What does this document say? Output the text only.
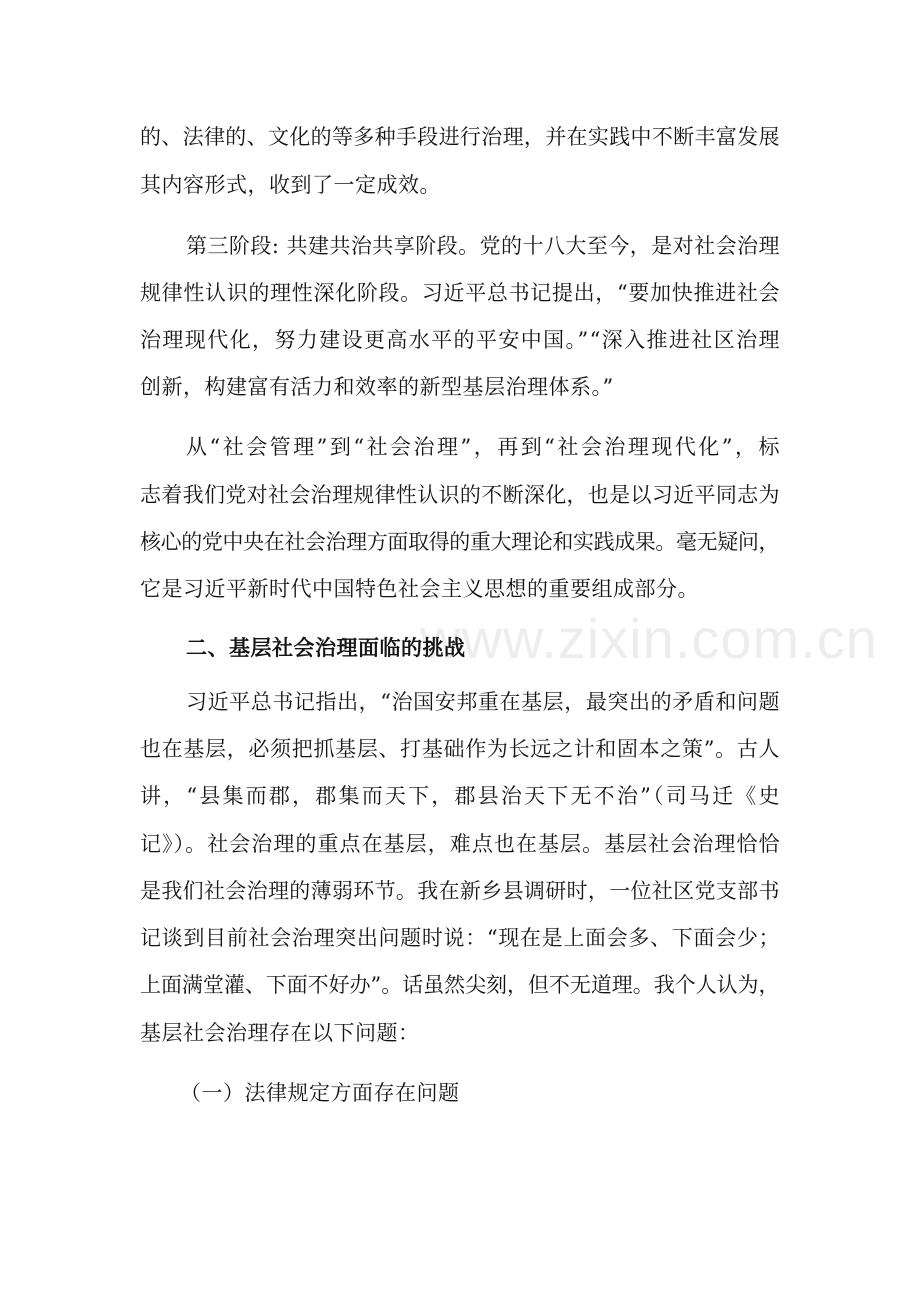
的、法律的、文化的等多种手段进行治理，并在实践中不断丰富发展
其内容形式，收到了一定成效。
第三阶段: 共建共治共享阶段。党的十八大至今，是对社会治理
规律性认识的理性深化阶段。习近平总书记提出，“要加快推进社会
治理现代化，努力建设更高水平的平安中国。”“深入推进社区治理
创新，构建富有活力和效率的新型基层治理体系。”
从“社会管理”到“社会治理”，再到“社会治理现代化”，标
志着我们党对社会治理规律性认识的不断深化，也是以习近平同志为
核心的党中央在社会治理方面取得的重大理论和实践成果。毫无疑问，
它是习近平新时代中国特色社会主义思想的重要组成部分。
www.zixin.com.cn
二、基层社会治理面临的挑战
习近平总书记指出，“治国安邦重在基层，最突出的矛盾和问题
也在基层，必须把抓基层、打基础作为长远之计和固本之策”。古人
讲，“县集而郡，郡集而天下，郡县治天下无不治”（司马迁《史
记》）。社会治理的重点在基层，难点也在基层。基层社会治理恰恰
是我们社会治理的薄弱环节。我在新乡县调研时，一位社区党支部书
记谈到目前社会治理突出问题时说：“现在是上面会多、下面会少；
上面满堂灌、下面不好办”。话虽然尖刻，但不无道理。我个人认为，
基层社会治理存在以下问题：
（一）法律规定方面存在问题
